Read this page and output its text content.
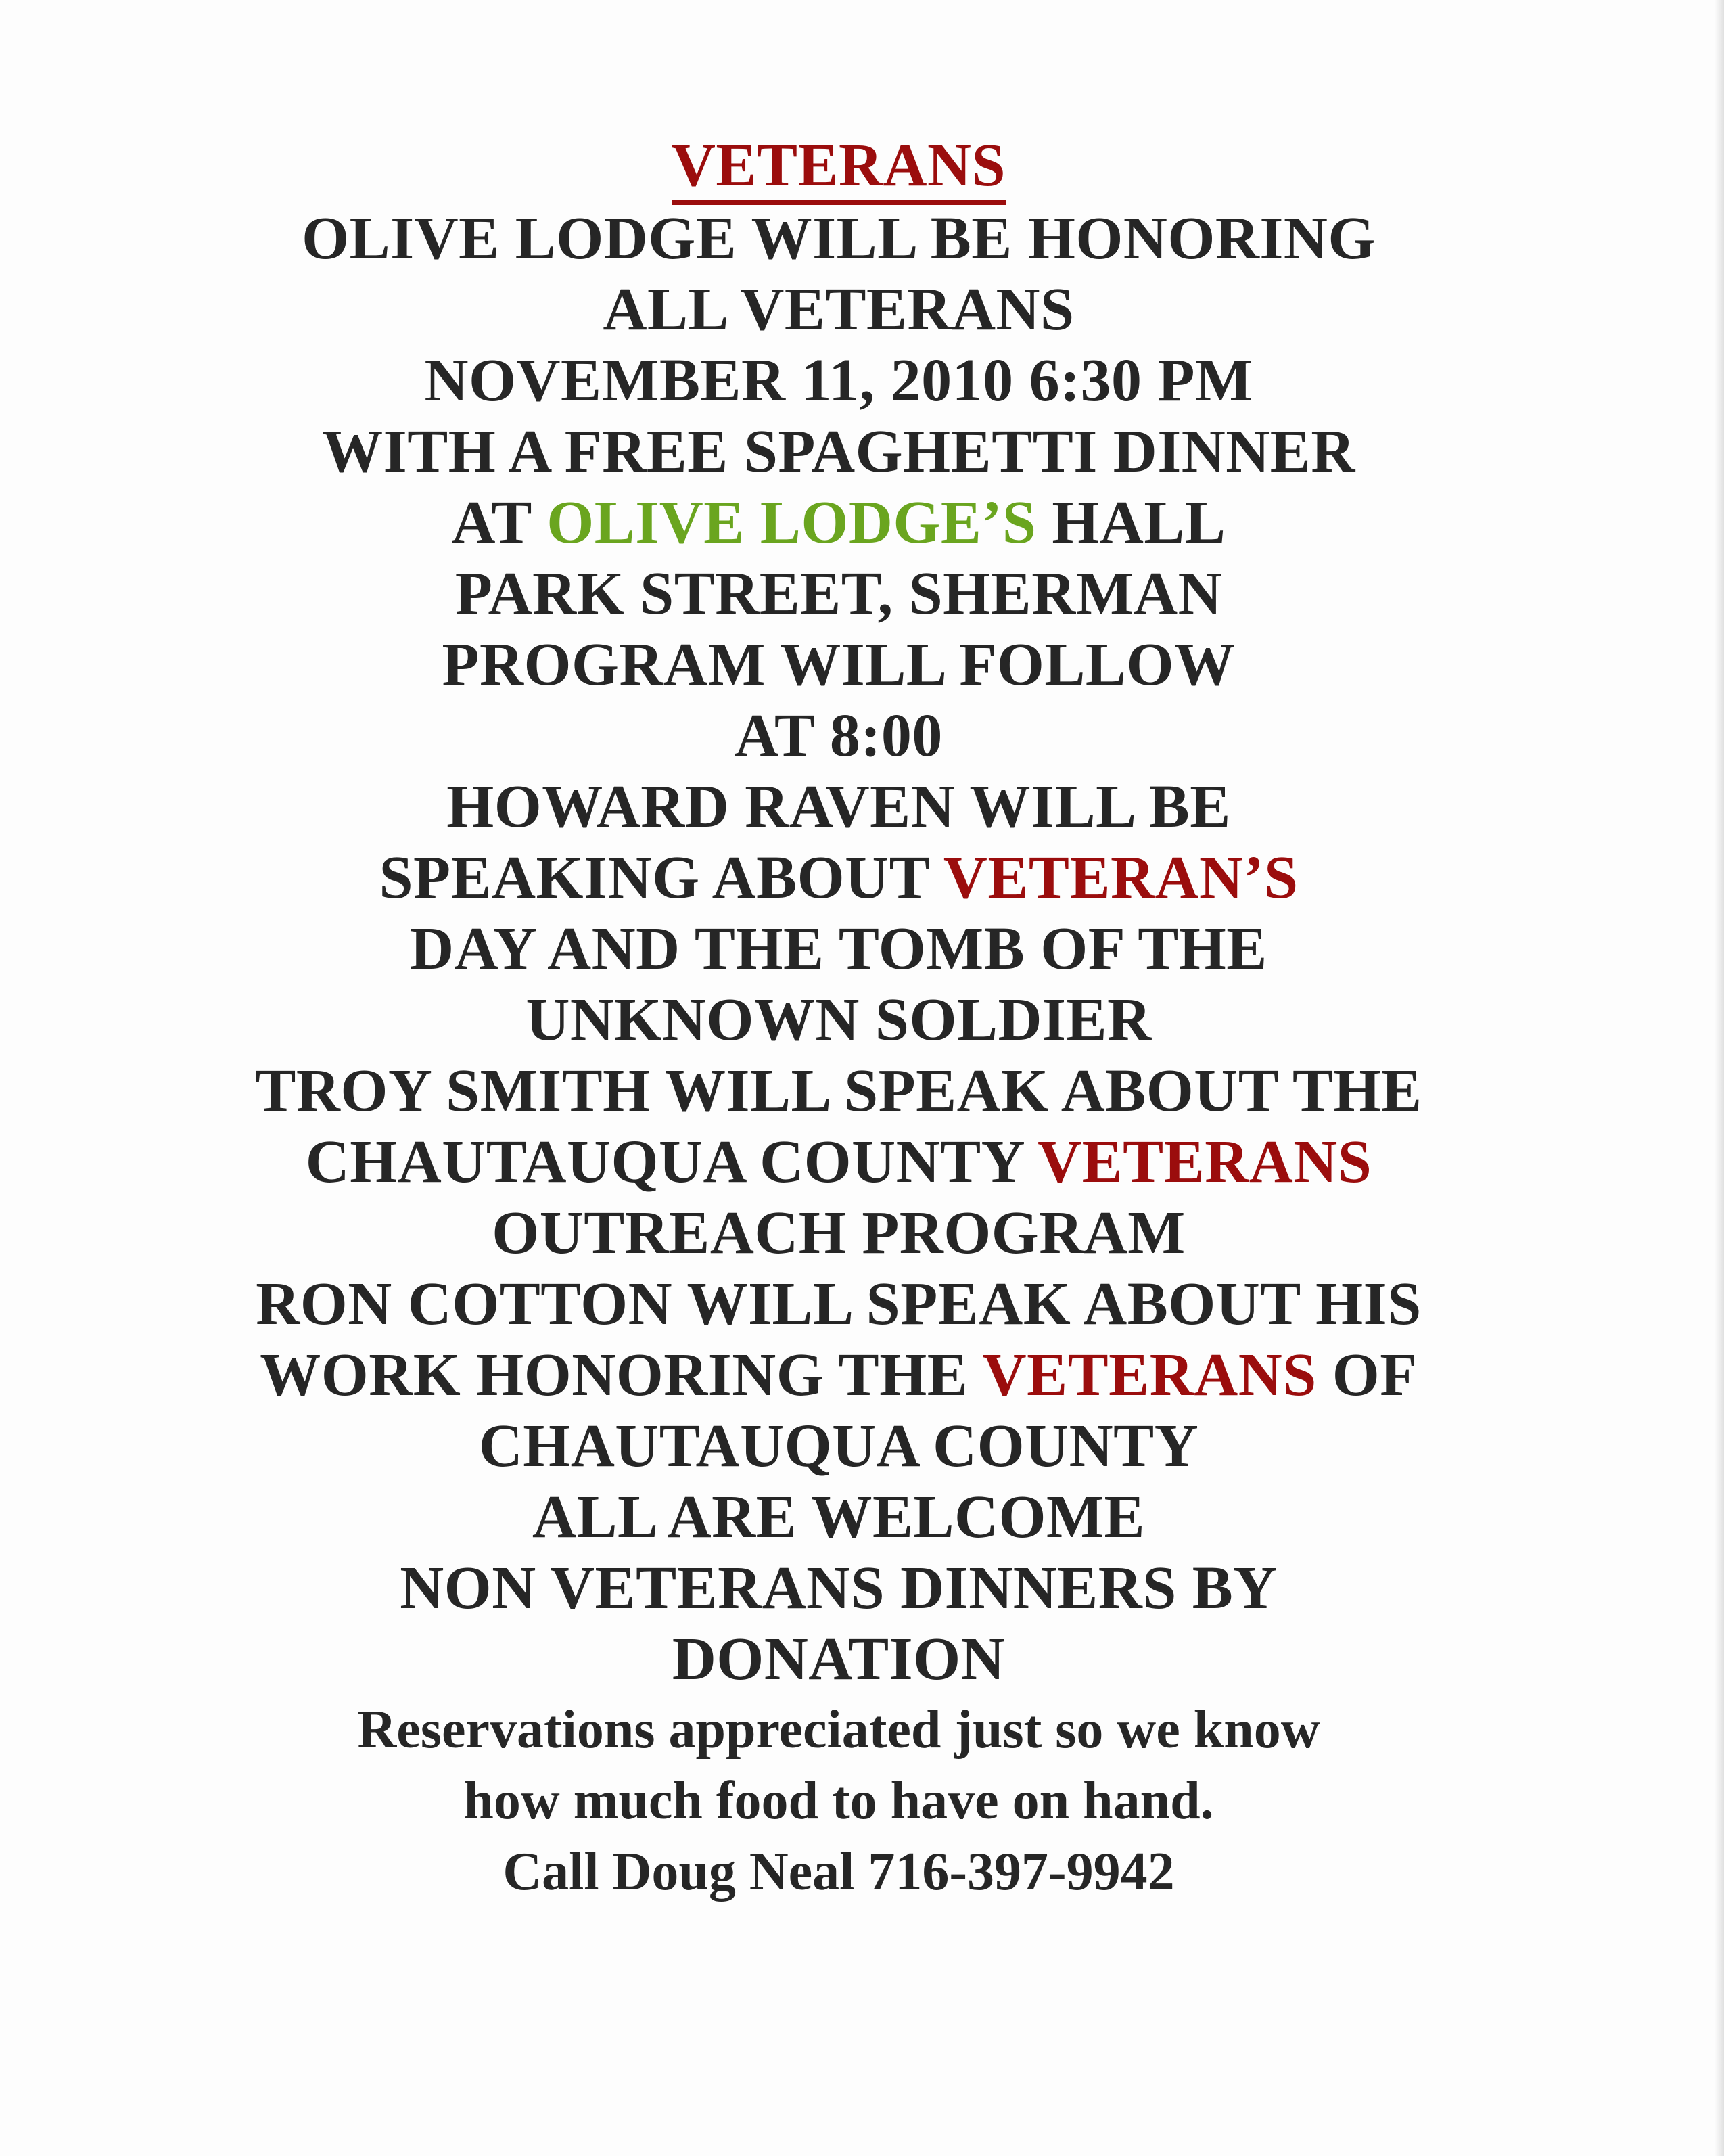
VETERANS
OLIVE LODGE WILL BE HONORING
ALL VETERANS
NOVEMBER 11, 2010 6:30 PM
WITH A FREE SPAGHETTI DINNER
AT OLIVE LODGE’S HALL
PARK STREET, SHERMAN
PROGRAM WILL FOLLOW
AT 8:00
HOWARD RAVEN WILL BE
SPEAKING ABOUT VETERAN’S
DAY AND THE TOMB OF THE
UNKNOWN SOLDIER
TROY SMITH WILL SPEAK ABOUT THE
CHAUTAUQUA COUNTY VETERANS
OUTREACH PROGRAM
RON COTTON WILL SPEAK ABOUT HIS
WORK HONORING THE VETERANS OF
CHAUTAUQUA COUNTY
ALL ARE WELCOME
NON VETERANS DINNERS BY
DONATION
Reservations appreciated just so we know
how much food to have on hand.
Call Doug Neal 716-397-9942
